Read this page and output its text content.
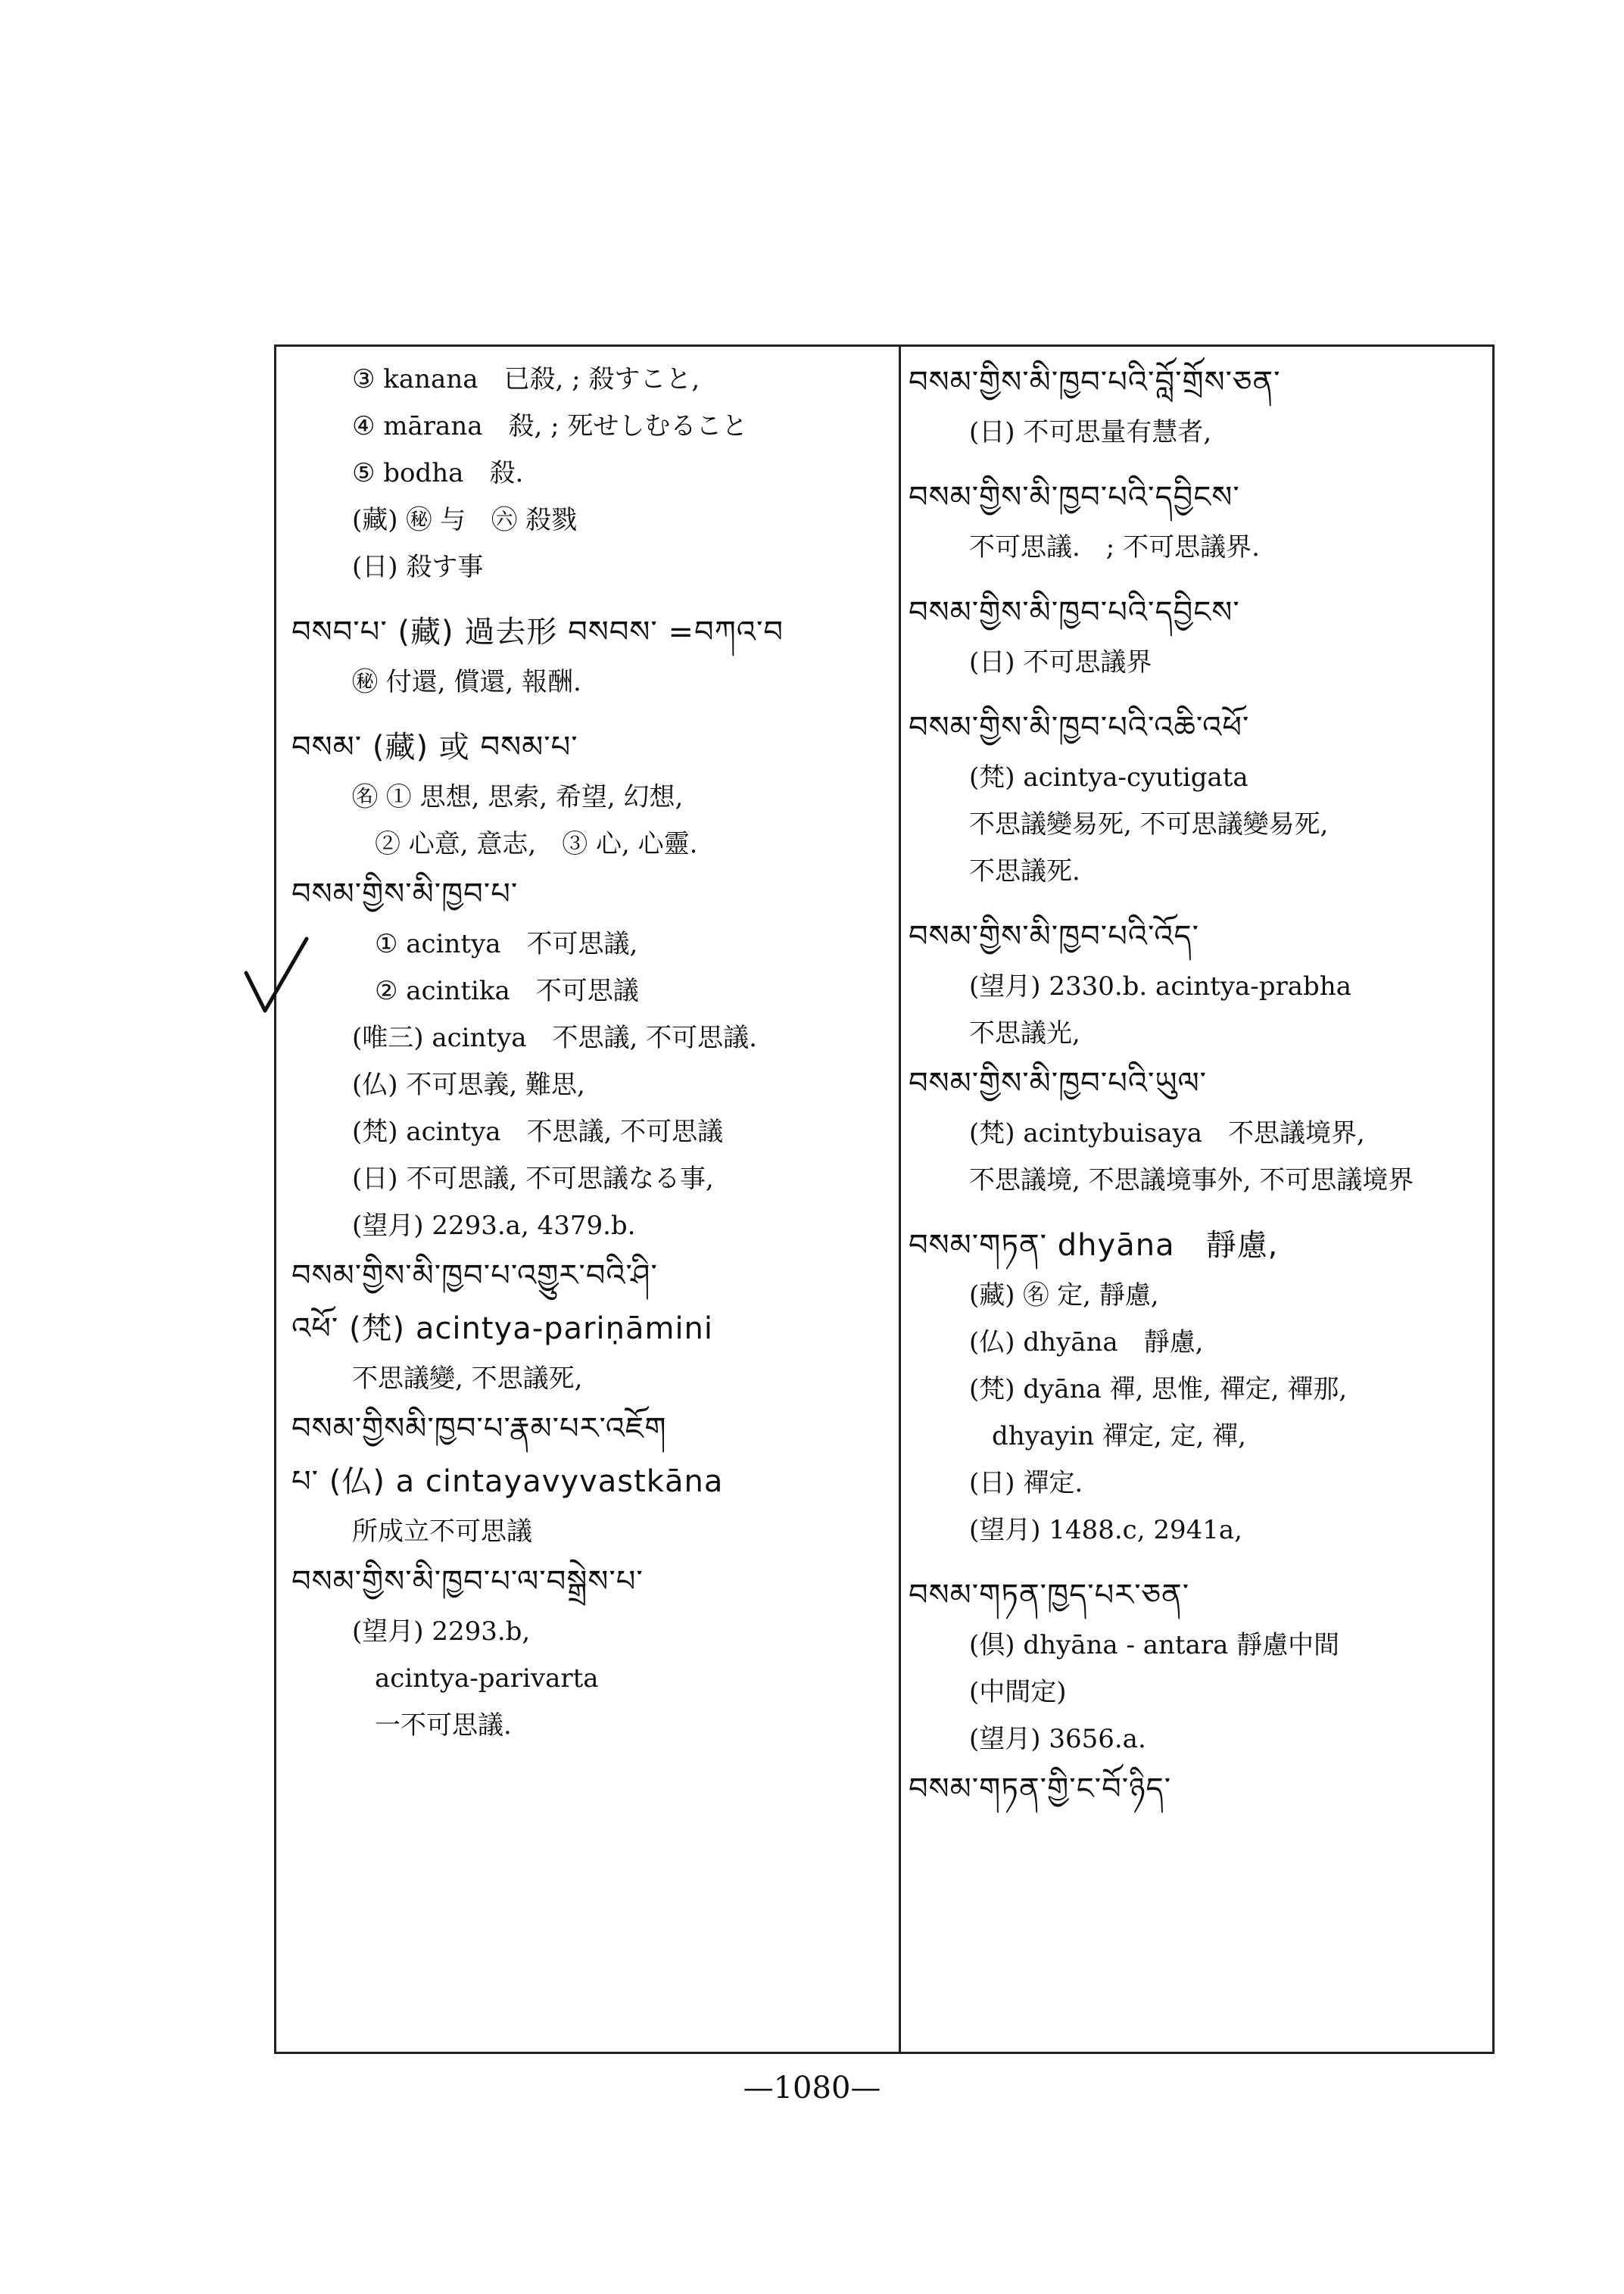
③ kanana　已殺, ; 殺すこと,
④ mārana　殺, ; 死せしむること
⑤ bodha　殺.
(藏) ㊙ 与　㊅ 殺戮
(日) 殺す事
བསབ་པ་ (藏) 過去形 བསབས་ =བཀའ་བ
㊙ 付還, 償還, 報酬.
བསམ་ (藏) 或 བསམ་པ་
㊔ ① 思想, 思索, 希望, 幻想,
② 心意, 意志,　③ 心, 心靈.
བསམ་གྱིས་མི་ཁྱབ་པ་
① acintya　不可思議,
② acintika　不可思議
(唯三) acintya　不思議, 不可思議.
(仏) 不可思義, 難思,
(梵) acintya　不思議, 不可思議
(日) 不可思議, 不可思議なる事,
(望月) 2293.a, 4379.b.
བསམ་གྱིས་མི་ཁྱབ་པ་འགྱུར་བའི་ཤི་
འཕོ་ (梵) acintya-pariṇāmini
不思議變, 不思議死,
བསམ་གྱིསམི་ཁྱབ་པ་རྣམ་པར་འཇོག
པ་ (仏) a cintayavyvastkāna
所成立不可思議
བསམ་གྱིས་མི་ཁྱབ་པ་ལ་བསྒྲེས་པ་
(望月) 2293.b,
acintya-parivarta
一不可思議.
བསམ་གྱིས་མི་ཁྱབ་པའི་བློ་གྲོས་ཅན་
(日) 不可思量有慧者,
བསམ་གྱིས་མི་ཁྱབ་པའི་དབྱིངས་
不可思議.　; 不可思議界.
བསམ་གྱིས་མི་ཁྱབ་པའི་དབྱིངས་
(日) 不可思議界
བསམ་གྱིས་མི་ཁྱབ་པའི་འཆི་འཕོ་
(梵) acintya-cyutigata
不思議變易死, 不可思議變易死,
不思議死.
བསམ་གྱིས་མི་ཁྱབ་པའི་འོད་
(望月) 2330.b. acintya-prabha
不思議光,
བསམ་གྱིས་མི་ཁྱབ་པའི་ཡུལ་
(梵) acintybuisaya　不思議境界,
不思議境, 不思議境事外, 不可思議境界
བསམ་གཏན་ dhyāna　靜慮,
(藏) ㊔ 定, 靜慮,
(仏) dhyāna　靜慮,
(梵) dyāna 禪, 思惟, 禪定, 禪那,
dhyayin 禪定, 定, 禪,
(日) 禪定.
(望月) 1488.c, 2941a,
བསམ་གཏན་ཁྱད་པར་ཅན་
(倶) dhyāna - antara 靜慮中間
(中間定)
(望月) 3656.a.
བསམ་གཏན་གྱི་ང་བོ་ཉིད་
—1080—
